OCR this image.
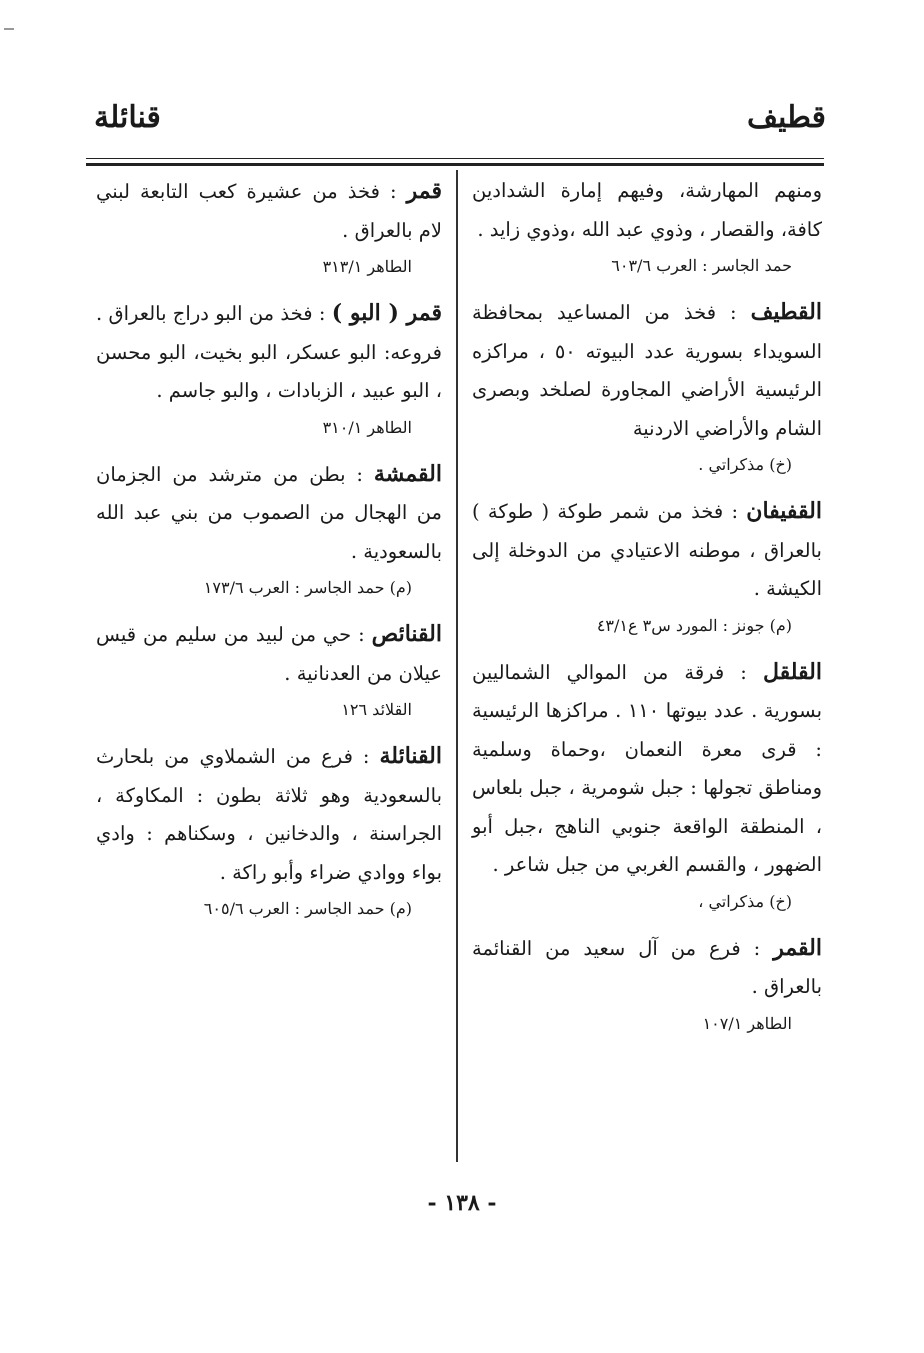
قطيف
قنائلة
ومنهم المهارشة، وفيهم إمارة الشدادين كافة، والقصار ، وذوي عبد الله ،وذوي زايد .
حمد الجاسر : العرب ٦٠٣/٦
القطيف : فخذ من المساعيد بمحافظة السويداء بسورية عدد البيوته ٥٠ ، مراكزه الرئيسية الأراضي المجاورة لصلخد وبصرى الشام والأراضي الاردنية
(خ) مذكراتي .
القفيفان : فخذ من شمر طوكة ( طوكة ) بالعراق ، موطنه الاعتيادي من الدوخلة إلى الكيشة .
(م) جونز : المورد س٣ ع٤٣/١
القلقل : فرقة من الموالي الشماليين بسورية . عدد بيوتها ١١٠ . مراكزها الرئيسية : قرى معرة النعمان ،وحماة وسلمية ومناطق تجولها : جبل شومرية ، جبل بلعاس ، المنطقة الواقعة جنوبي الناهج ،جبل أبو الضهور ، والقسم الغربي من جبل شاعر .
(خ) مذكراتي ،
القمر : فرع من آل سعيد من القنائمة بالعراق .
الطاهر ١٠٧/١
قمر : فخذ من عشيرة كعب التابعة لبني لام بالعراق .
الطاهر ٣١٣/١
قمر ( البو ) : فخذ من البو دراج بالعراق . فروعه: البو عسكر، البو بخيت، البو محسن ، البو عبيد ، الزبادات ، والبو جاسم .
الطاهر ٣١٠/١
القمشة : بطن من مترشد من الجزمان من الهجال من الصموب من بني عبد الله بالسعودية .
(م) حمد الجاسر : العرب ١٧٣/٦
القنائص : حي من لبيد من سليم من قيس عيلان من العدنانية .
القلائد ١٢٦
القنائلة : فرع من الشملاوي من بلحارث بالسعودية وهو ثلاثة بطون : المكاوكة ، الجراسنة ، والدخانين ، وسكناهم : وادي بواء ووادي ضراء وأبو راكة .
(م) حمد الجاسر : العرب ٦٠٥/٦
- ١٣٨ -
